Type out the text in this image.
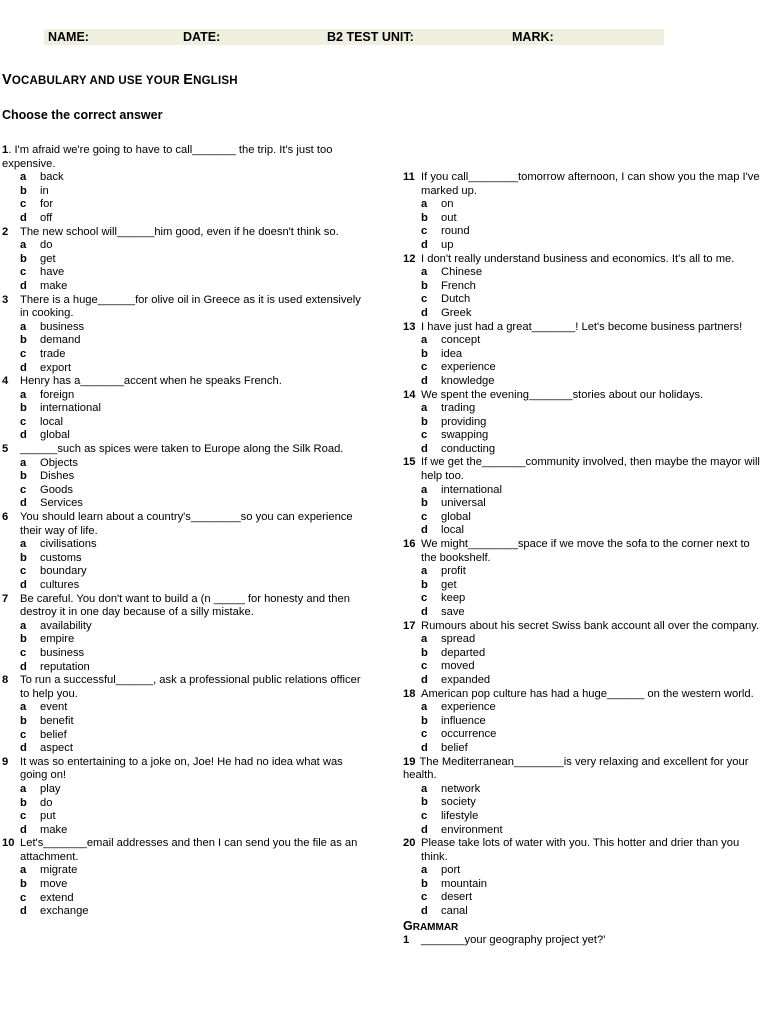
NAME:	DATE:	B2 TEST UNIT:	MARK:
VOCABULARY AND USE YOUR ENGLISH
Choose the correct answer
1. I'm afraid we're going to have to call_______ the trip. It's just too expensive.
a	back
b	in
c	for
d	off
2	The new school will______him good, even if he doesn't think so.
a	do
b	get
c	have
d	make
3	There is a huge______for olive oil in Greece as it is used extensively in cooking.
a	business
b	demand
c	trade
d	export
4	Henry has a_______accent when he speaks French.
a	foreign
b	international
c	local
d	global
5	______such as spices were taken to Europe along the Silk Road.
a	Objects
b	Dishes
c	Goods
d	Services
6	You should learn about a country's________so you can experience their way of life.
a	civilisations
b	customs
c	boundary
d	cultures
7	Be careful. You don't want to build a (n _____ for honesty and then destroy it in one day because of a silly mistake.
a	availability
b	empire
c	business
d	reputation
8	To run a successful______, ask a professional public relations officer to help you.
a	event
b	benefit
c	belief
d	aspect
9	It was so entertaining to a joke on, Joe! He had no idea what was going on!
a	play
b	do
c	put
d	make
10 Let's_______email addresses and then I can send you the file as an attachment.
a	migrate
b	move
c	extend
d	exchange
11 If you call________tomorrow afternoon, I can show you the map I've marked up.
a	on
b	out
c	round
d	up
12 I don't really understand business and economics. It's all to me.
a	Chinese
b	French
c	Dutch
d	Greek
13 I have just had a great_______! Let's become business partners!
a	concept
b	idea
c	experience
d	knowledge
14 We spent the evening_______stories about our holidays.
a	trading
b	providing
c	swapping
d	conducting
15 If we get the_______community involved, then maybe the mayor will help too.
a	international
b	universal
c	global
d	local
16 We might________space if we move the sofa to the corner next to the bookshelf.
a	profit
b	get
c	keep
d	save
17 Rumours about his secret Swiss bank account all over the company.
a	spread
b	departed
c	moved
d	expanded
18 American pop culture has had a huge______ on the western world.
a	experience
b	influence
c	occurrence
d	belief
19 The Mediterranean________is very relaxing and excellent for your health.
a	network
b	society
c	lifestyle
d	environment
20 Please take lots of water with you. This hotter and drier than you think.
a	port
b	mountain
c	desert
d	canal
GRAMMAR
1	_______your geography project yet?'
